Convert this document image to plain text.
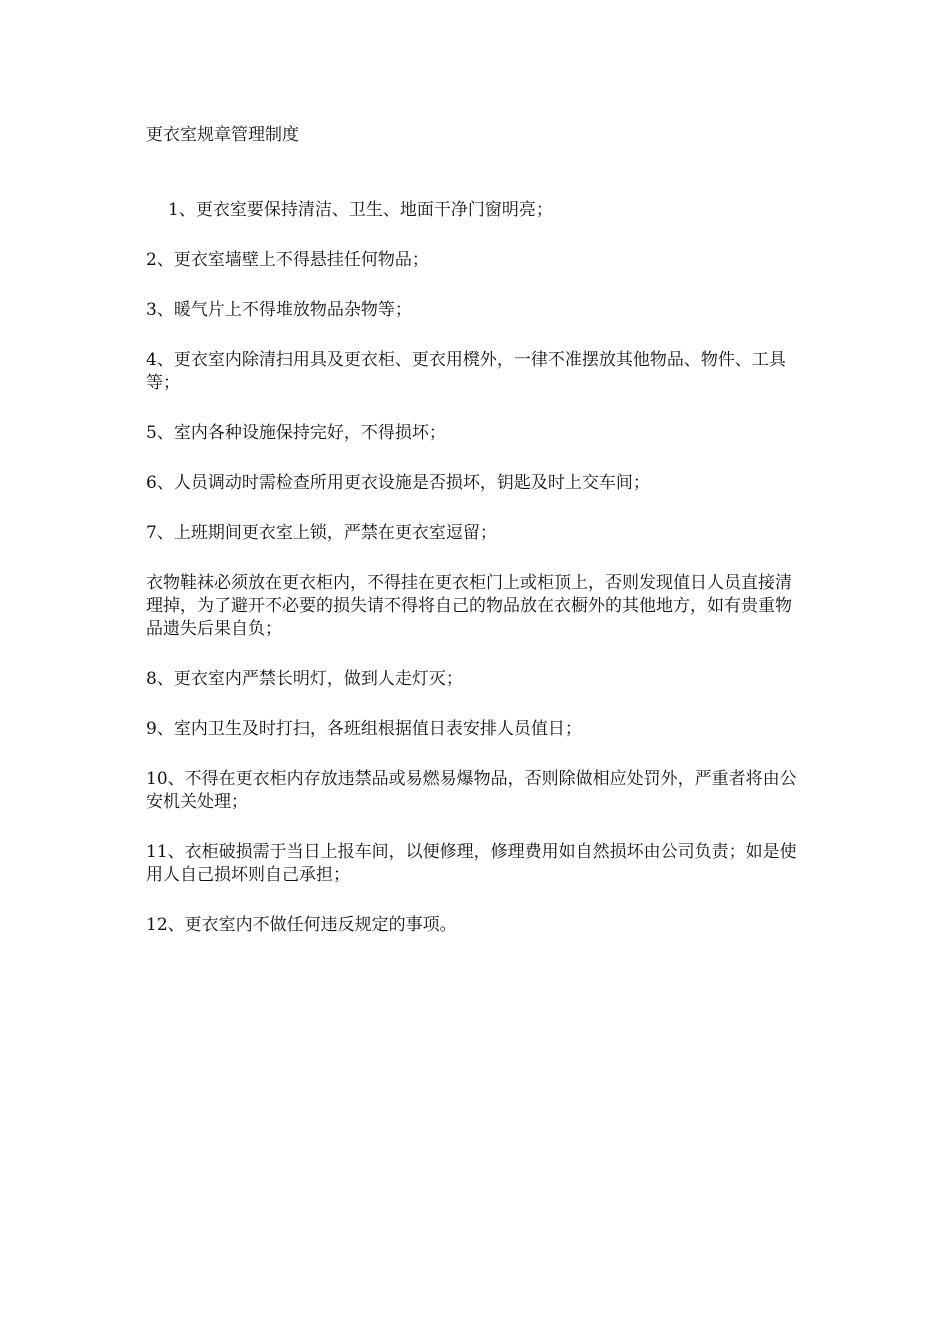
更衣室规章管理制度

1、更衣室要保持清洁、卫生、地面干净门窗明亮；

2、更衣室墙壁上不得悬挂任何物品；

3、暖气片上不得堆放物品杂物等；

4、更衣室内除清扫用具及更衣柜、更衣用櫈外，一律不准摆放其他物品、物件、工具等；

5、室内各种设施保持完好，不得损坏；

6、人员调动时需检查所用更衣设施是否损坏，钥匙及时上交车间；

7、上班期间更衣室上锁，严禁在更衣室逗留；

衣物鞋袜必须放在更衣柜内，不得挂在更衣柜门上或柜顶上，否则发现值日人员直接清理掉，为了避开不必要的损失请不得将自己的物品放在衣橱外的其他地方，如有贵重物品遗失后果自负；

8、更衣室内严禁长明灯，做到人走灯灭；

9、室内卫生及时打扫，各班组根据值日表安排人员值日；

10、不得在更衣柜内存放违禁品或易燃易爆物品，否则除做相应处罚外，严重者将由公安机关处理；

11、衣柜破损需于当日上报车间，以便修理，修理费用如自然损坏由公司负责；如是使用人自己损坏则自己承担；

12、更衣室内不做任何违反规定的事项。
